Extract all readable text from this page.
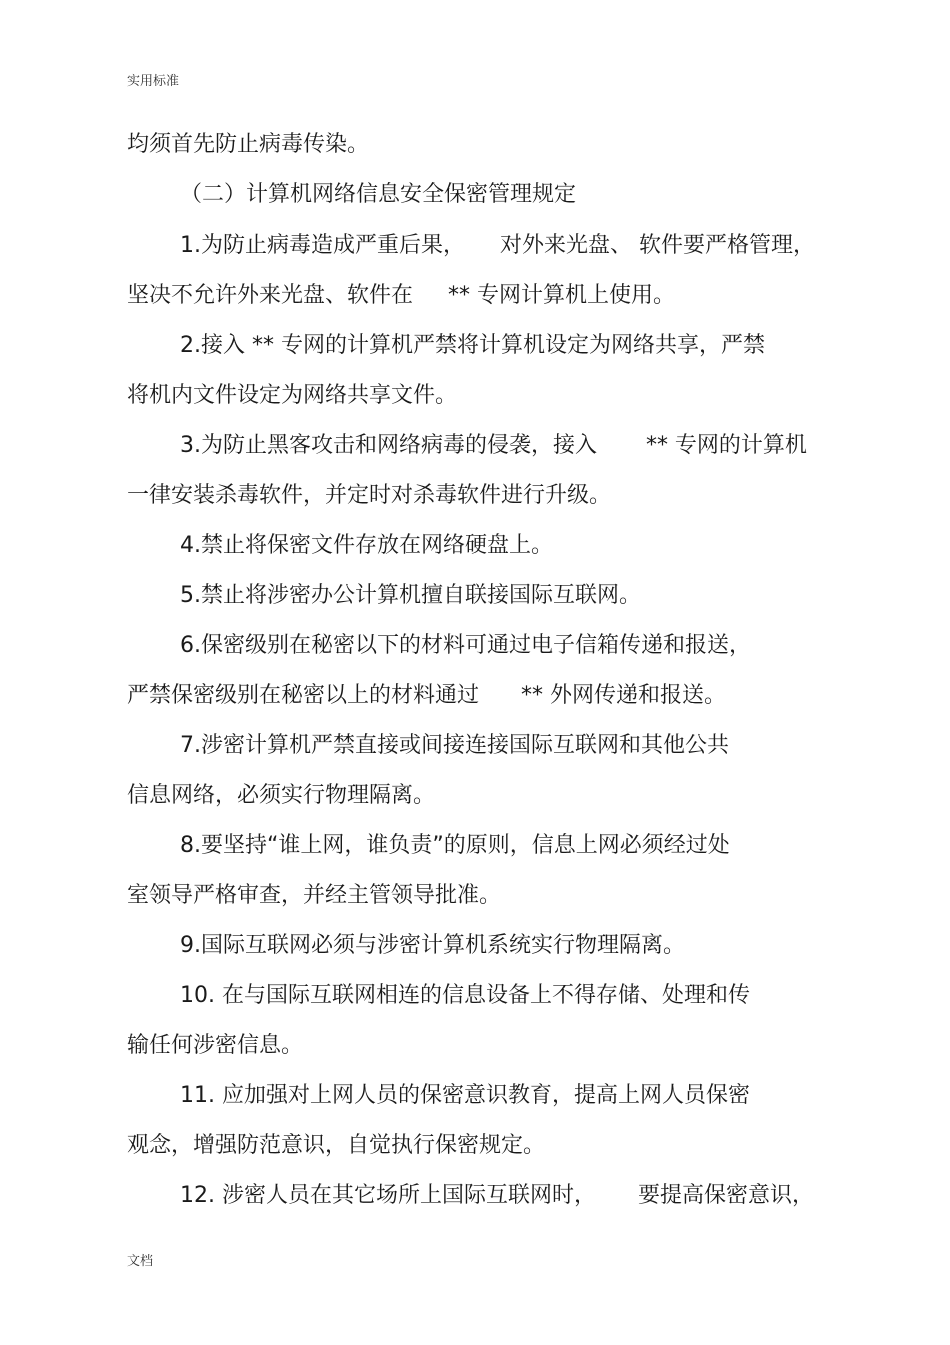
实用标准
均须首先防止病毒传染。
（二）计算机网络信息安全保密管理规定
1.为防止病毒造成严重后果，     对外来光盘、 软件要严格管理，
坚决不允许外来光盘、软件在     ** 专网计算机上使用。
2.接入 ** 专网的计算机严禁将计算机设定为网络共享，严禁
将机内文件设定为网络共享文件。
3.为防止黑客攻击和网络病毒的侵袭，接入       ** 专网的计算机
一律安装杀毒软件，并定时对杀毒软件进行升级。
4.禁止将保密文件存放在网络硬盘上。
5.禁止将涉密办公计算机擅自联接国际互联网。
6.保密级别在秘密以下的材料可通过电子信箱传递和报送，
严禁保密级别在秘密以上的材料通过      ** 外网传递和报送。
7.涉密计算机严禁直接或间接连接国际互联网和其他公共
信息网络，必须实行物理隔离。
8.要坚持“谁上网，谁负责”的原则，信息上网必须经过处
室领导严格审查，并经主管领导批准。
9.国际互联网必须与涉密计算机系统实行物理隔离。
10. 在与国际互联网相连的信息设备上不得存储、处理和传
输任何涉密信息。
11. 应加强对上网人员的保密意识教育，提高上网人员保密
观念，增强防范意识，自觉执行保密规定。
12. 涉密人员在其它场所上国际互联网时，      要提高保密意识，
文档
